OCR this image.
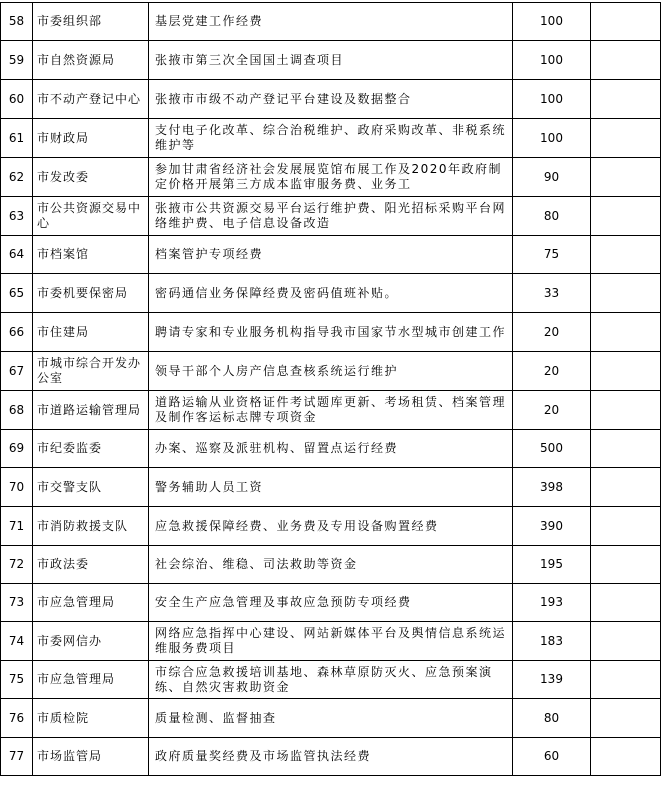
58	市委组织部	基层党建工作经费	100	
59	市自然资源局	张掖市第三次全国国土调查项目	100	
60	市不动产登记中心	张掖市市级不动产登记平台建设及数据整合	100	
61	市财政局	支付电子化改革、综合治税维护、政府采购改革、非税系统维护等	100	
62	市发改委	参加甘肃省经济社会发展展览馆布展工作及2020年政府制定价格开展第三方成本监审服务费、业务工	90	
63	市公共资源交易中心	张掖市公共资源交易平台运行维护费、阳光招标采购平台网络维护费、电子信息设备改造	80	
64	市档案馆	档案管护专项经费	75	
65	市委机要保密局	密码通信业务保障经费及密码值班补贴。	33	
66	市住建局	聘请专家和专业服务机构指导我市国家节水型城市创建工作	20	
67	市城市综合开发办公室	领导干部个人房产信息查核系统运行维护	20	
68	市道路运输管理局	道路运输从业资格证件考试题库更新、考场租赁、档案管理及制作客运标志牌专项资金	20	
69	市纪委监委	办案、巡察及派驻机构、留置点运行经费	500	
70	市交警支队	警务辅助人员工资	398	
71	市消防救援支队	应急救援保障经费、业务费及专用设备购置经费	390	
72	市政法委	社会综治、维稳、司法救助等资金	195	
73	市应急管理局	安全生产应急管理及事故应急预防专项经费	193	
74	市委网信办	网络应急指挥中心建设、网站新媒体平台及舆情信息系统运维服务费项目	183	
75	市应急管理局	市综合应急救援培训基地、森林草原防灭火、应急预案演练、自然灾害救助资金	139	
76	市质检院	质量检测、监督抽查	80	
77	市场监管局	政府质量奖经费及市场监管执法经费	60	
